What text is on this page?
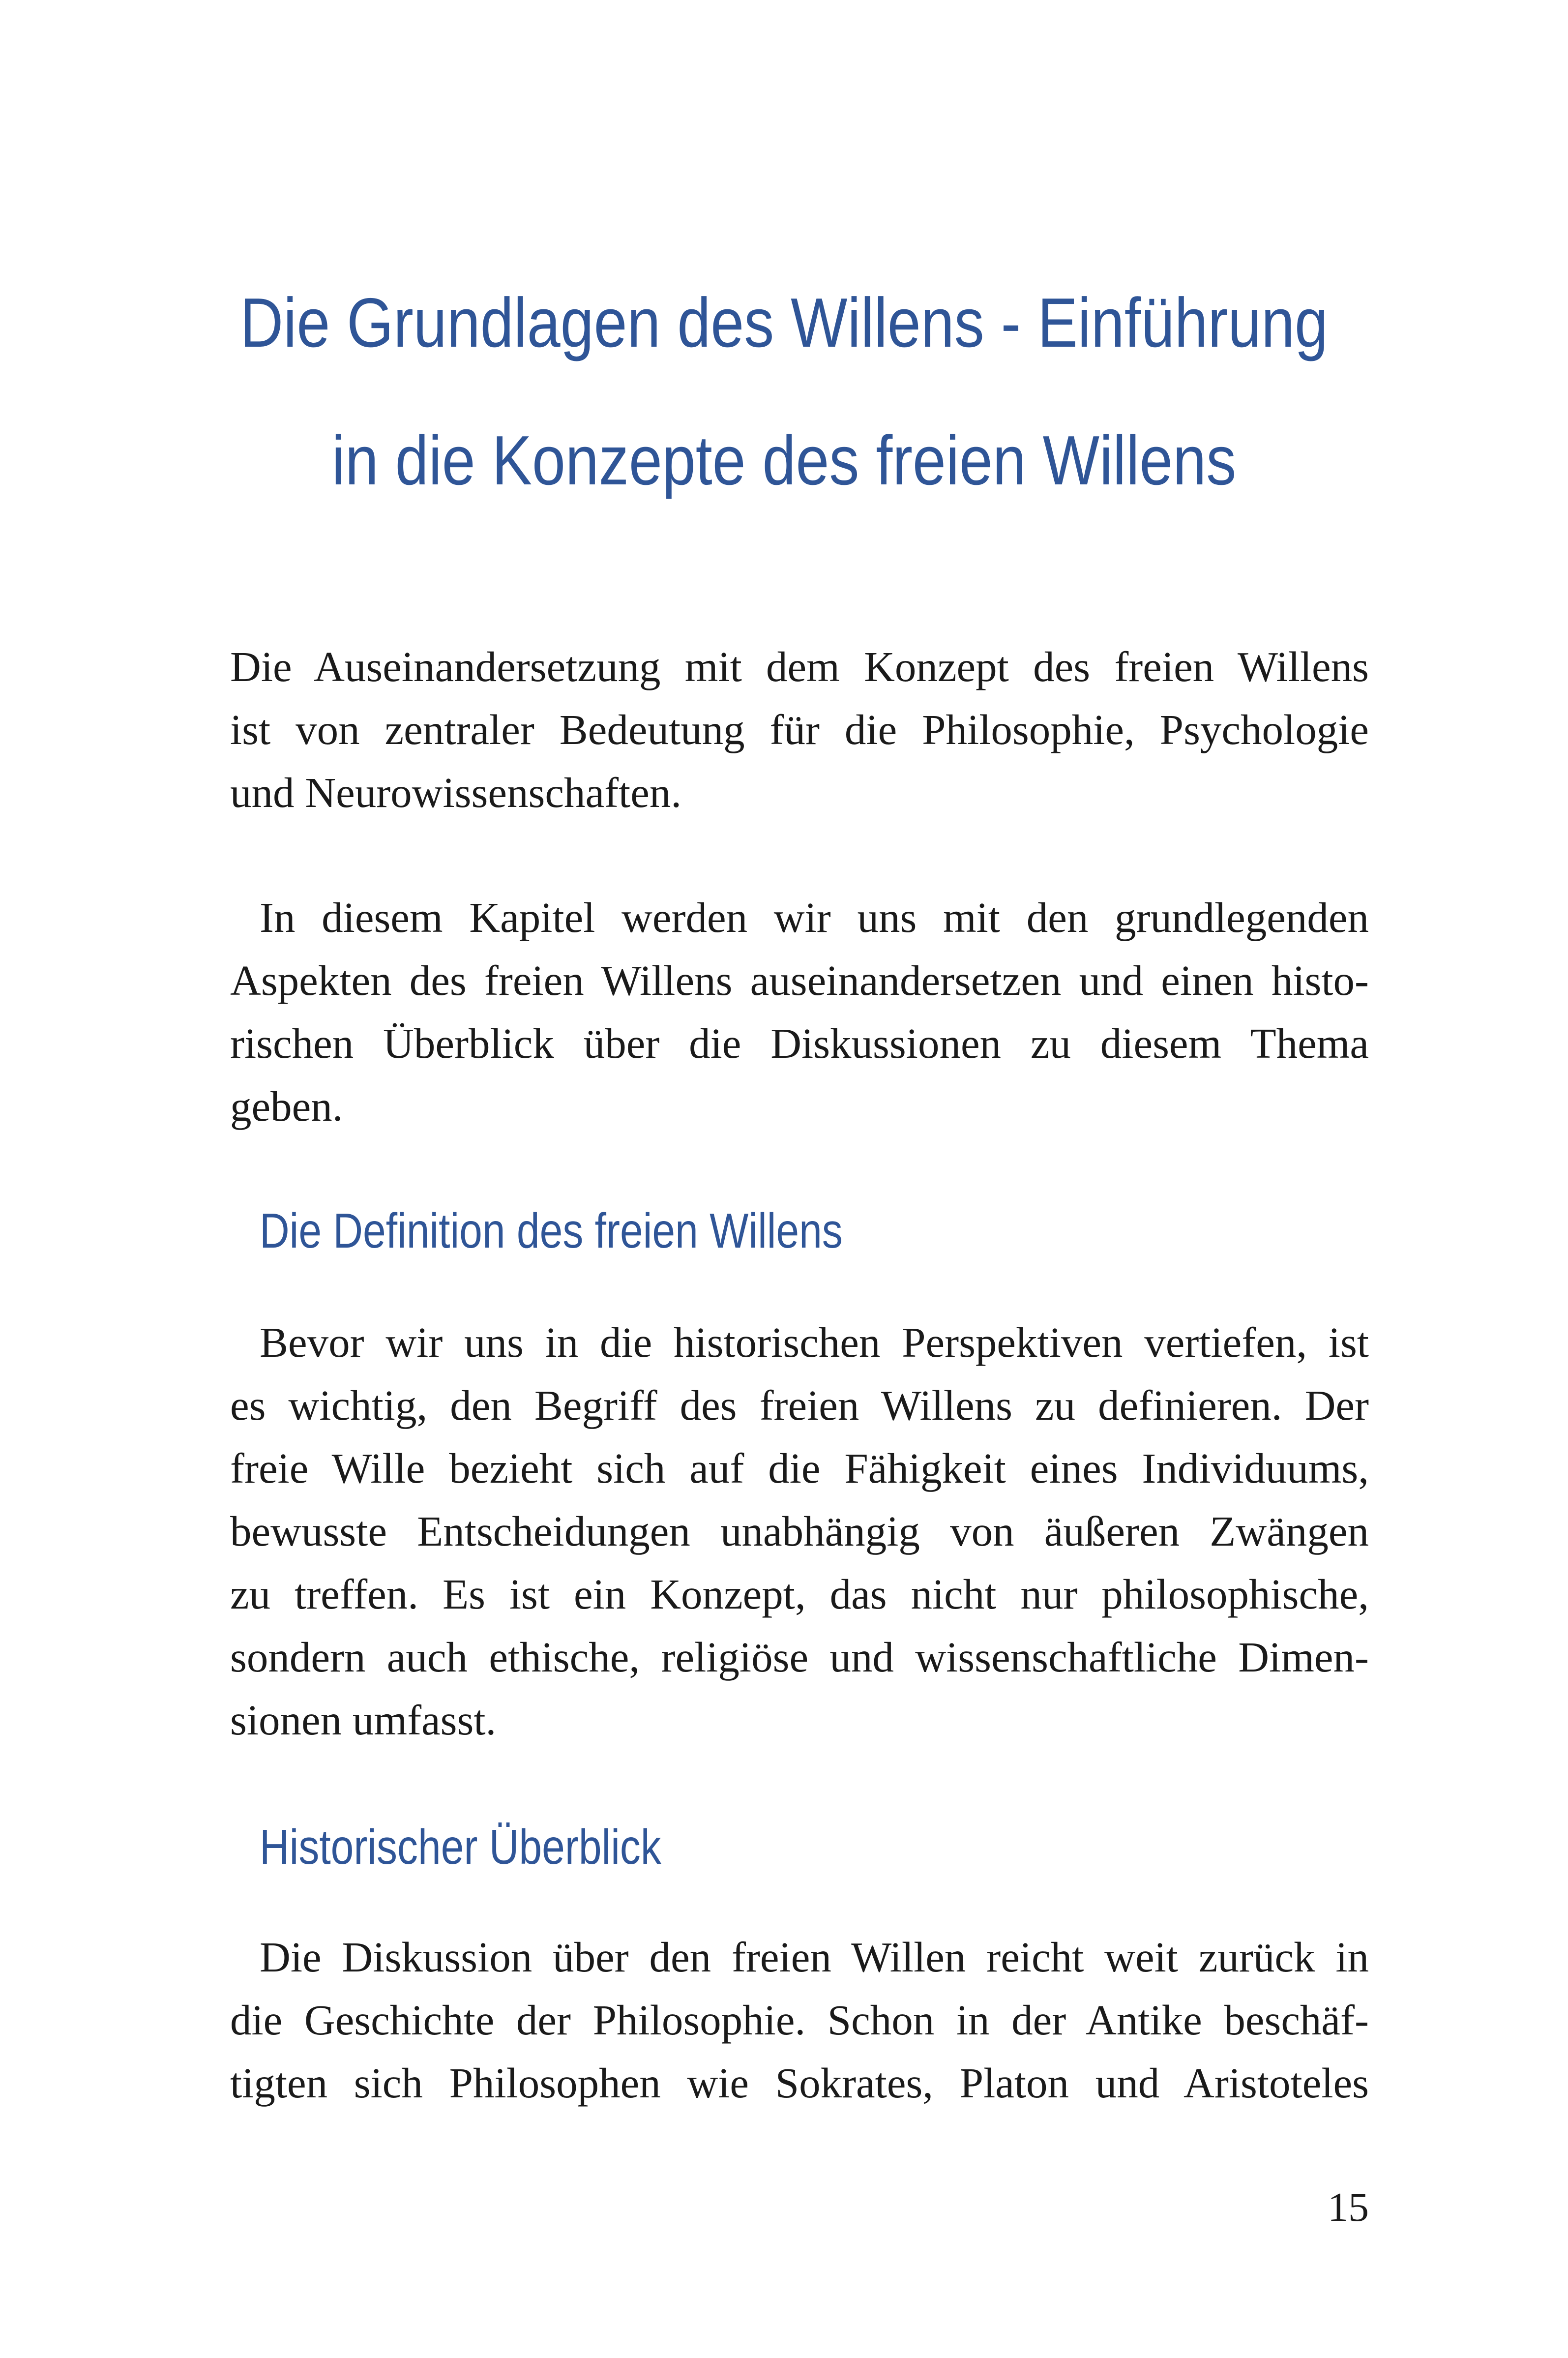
Die Grundlagen des Willens - Einführung
in die Konzepte des freien Willens
Die Auseinandersetzung mit dem Konzept des freien Willens
ist von zentraler Bedeutung für die Philosophie, Psychologie
und Neurowissenschaften.
In diesem Kapitel werden wir uns mit den grundlegenden
Aspekten des freien Willens auseinandersetzen und einen histo-
rischen Überblick über die Diskussionen zu diesem Thema
geben.
Die Definition des freien Willens
Bevor wir uns in die historischen Perspektiven vertiefen, ist
es wichtig, den Begriff des freien Willens zu definieren. Der
freie Wille bezieht sich auf die Fähigkeit eines Individuums,
bewusste Entscheidungen unabhängig von äußeren Zwängen
zu treffen. Es ist ein Konzept, das nicht nur philosophische,
sondern auch ethische, religiöse und wissenschaftliche Dimen-
sionen umfasst.
Historischer Überblick
Die Diskussion über den freien Willen reicht weit zurück in
die Geschichte der Philosophie. Schon in der Antike beschäf-
tigten sich Philosophen wie Sokrates, Platon und Aristoteles
15
